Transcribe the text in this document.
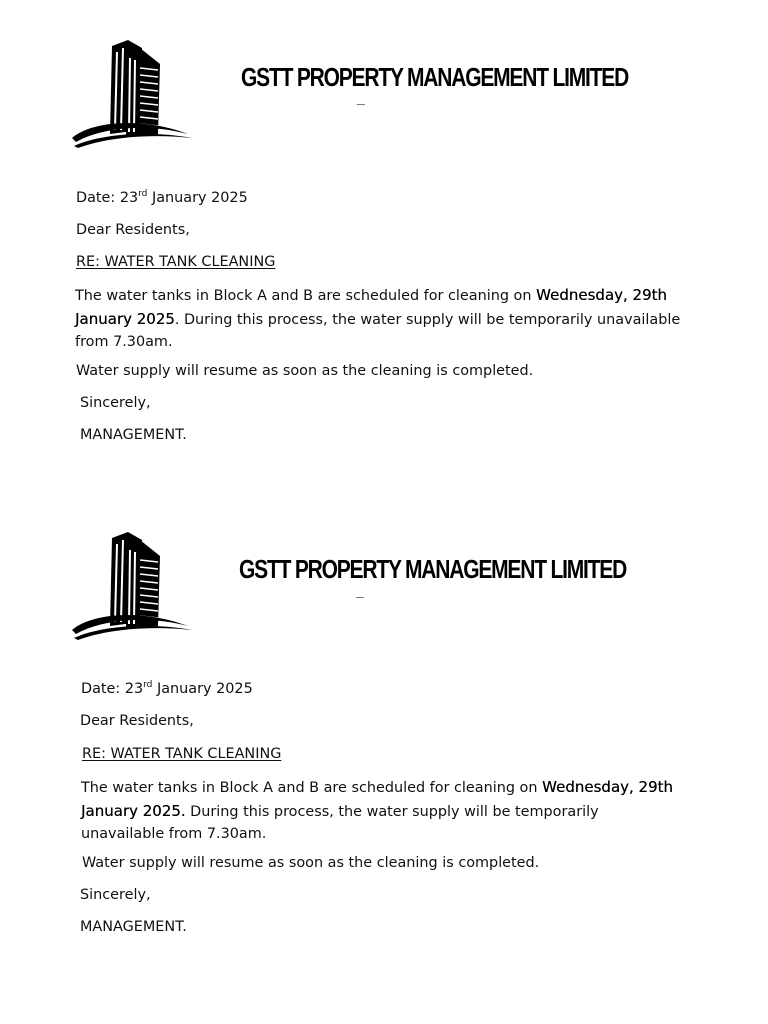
GSTT PROPERTY MANAGEMENT LIMITED
_
Date: 23rd January 2025
Dear Residents,
RE: WATER TANK CLEANING
The water tanks in Block A and B are scheduled for cleaning on Wednesday, 29th
January 2025. During this process, the water supply will be temporarily unavailable
from 7.30am.
Water supply will resume as soon as the cleaning is completed.
Sincerely,
MANAGEMENT.
GSTT PROPERTY MANAGEMENT LIMITED
_
Date: 23rd January 2025
Dear Residents,
RE: WATER TANK CLEANING
The water tanks in Block A and B are scheduled for cleaning on Wednesday, 29th
January 2025. During this process, the water supply will be temporarily
unavailable from 7.30am.
Water supply will resume as soon as the cleaning is completed.
Sincerely,
MANAGEMENT.
